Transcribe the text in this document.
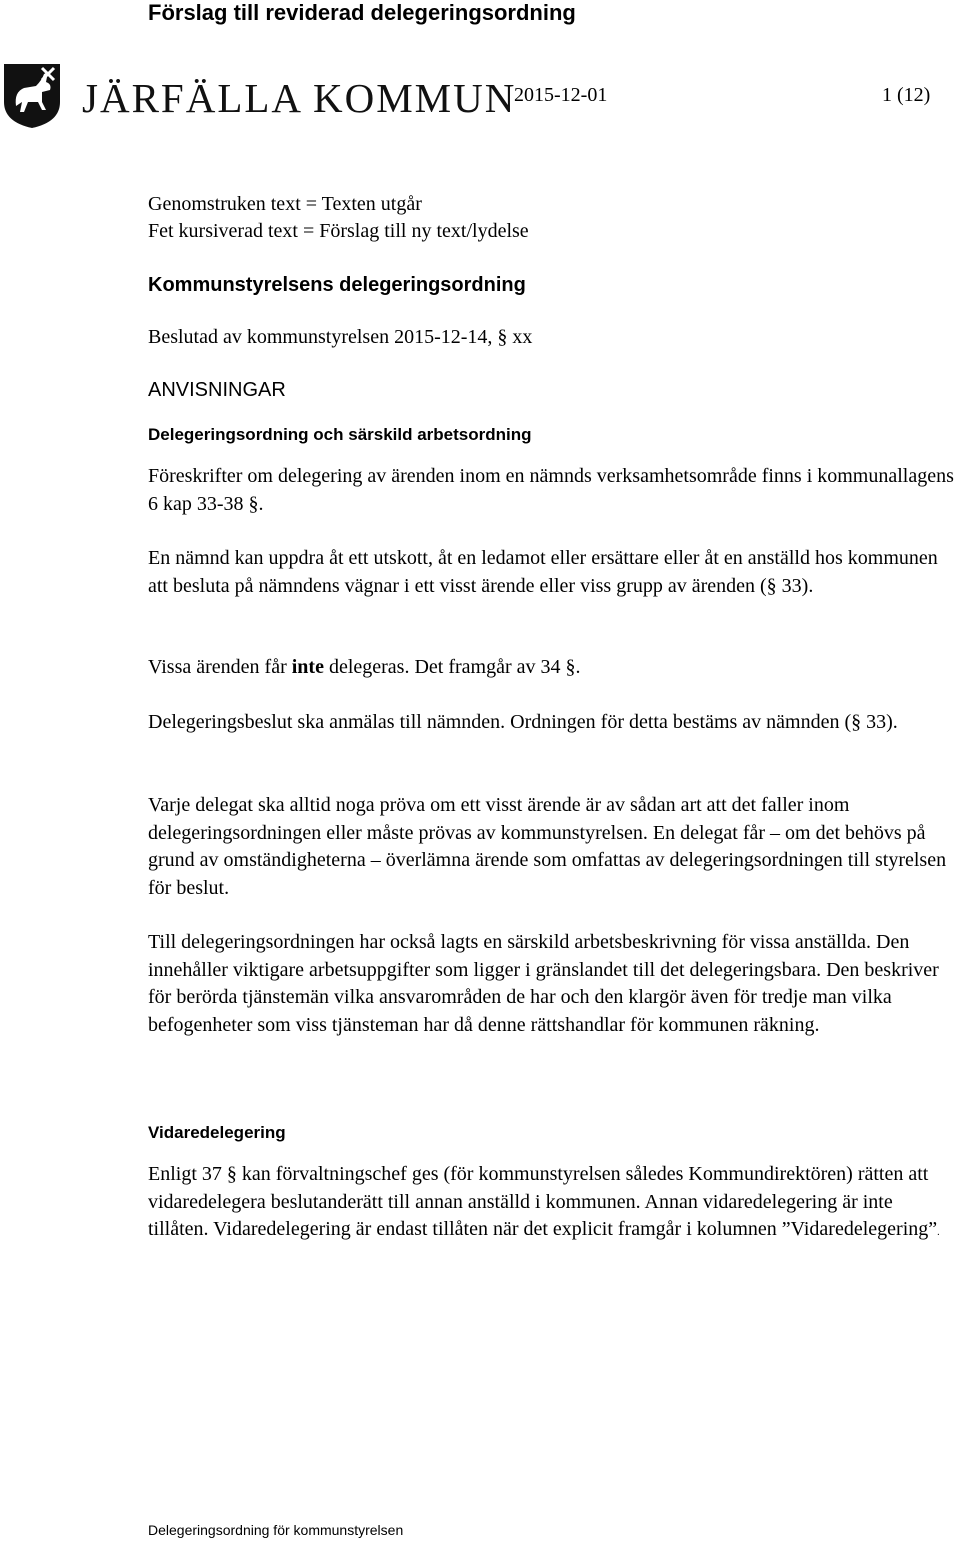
Förslag till reviderad delegeringsordning
JÄRFÄLLA KOMMUN
2015-12-01	1 (12)
Genomstruken text = Texten utgår
Fet kursiverad text = Förslag till ny text/lydelse
Kommunstyrelsens delegeringsordning
Beslutad av kommunstyrelsen 2015-12-14, § xx
ANVISNINGAR
Delegeringsordning och särskild arbetsordning
Föreskrifter om delegering av ärenden inom en nämnds verksamhetsområde finns i kommunallagens 6 kap 33-38 §.
En nämnd kan uppdra åt ett utskott, åt en ledamot eller ersättare eller åt en anställd hos kommunen att besluta på nämndens vägnar i ett visst ärende eller viss grupp av ärenden (§ 33).
Vissa ärenden får inte delegeras. Det framgår av 34 §.
Delegeringsbeslut ska anmälas till nämnden. Ordningen för detta bestäms av nämnden (§ 33).
Varje delegat ska alltid noga pröva om ett visst ärende är av sådan art att det faller inom delegeringsordningen eller måste prövas av kommunstyrelsen. En delegat får – om det behövs på grund av omständigheterna – överlämna ärende som omfattas av delegeringsordningen till styrelsen för beslut.
Till delegeringsordningen har också lagts en särskild arbetsbeskrivning för vissa anställda. Den innehåller viktigare arbetsuppgifter som ligger i gränslandet till det delegeringsbara. Den beskriver för berörda tjänstemän vilka ansvarområden de har och den klargör även för tredje man vilka befogenheter som viss tjänsteman har då denne rättshandlar för kommunen räkning.
Vidaredelegering
Enligt 37 § kan förvaltningschef ges (för kommunstyrelsen således Kommundirektören) rätten att vidaredelegera beslutanderätt till annan anställd i kommunen. Annan vidaredelegering är inte tillåten. Vidaredelegering är endast tillåten när det explicit framgår i kolumnen ”Vidaredelegering”.
Delegeringsordning för kommunstyrelsen
